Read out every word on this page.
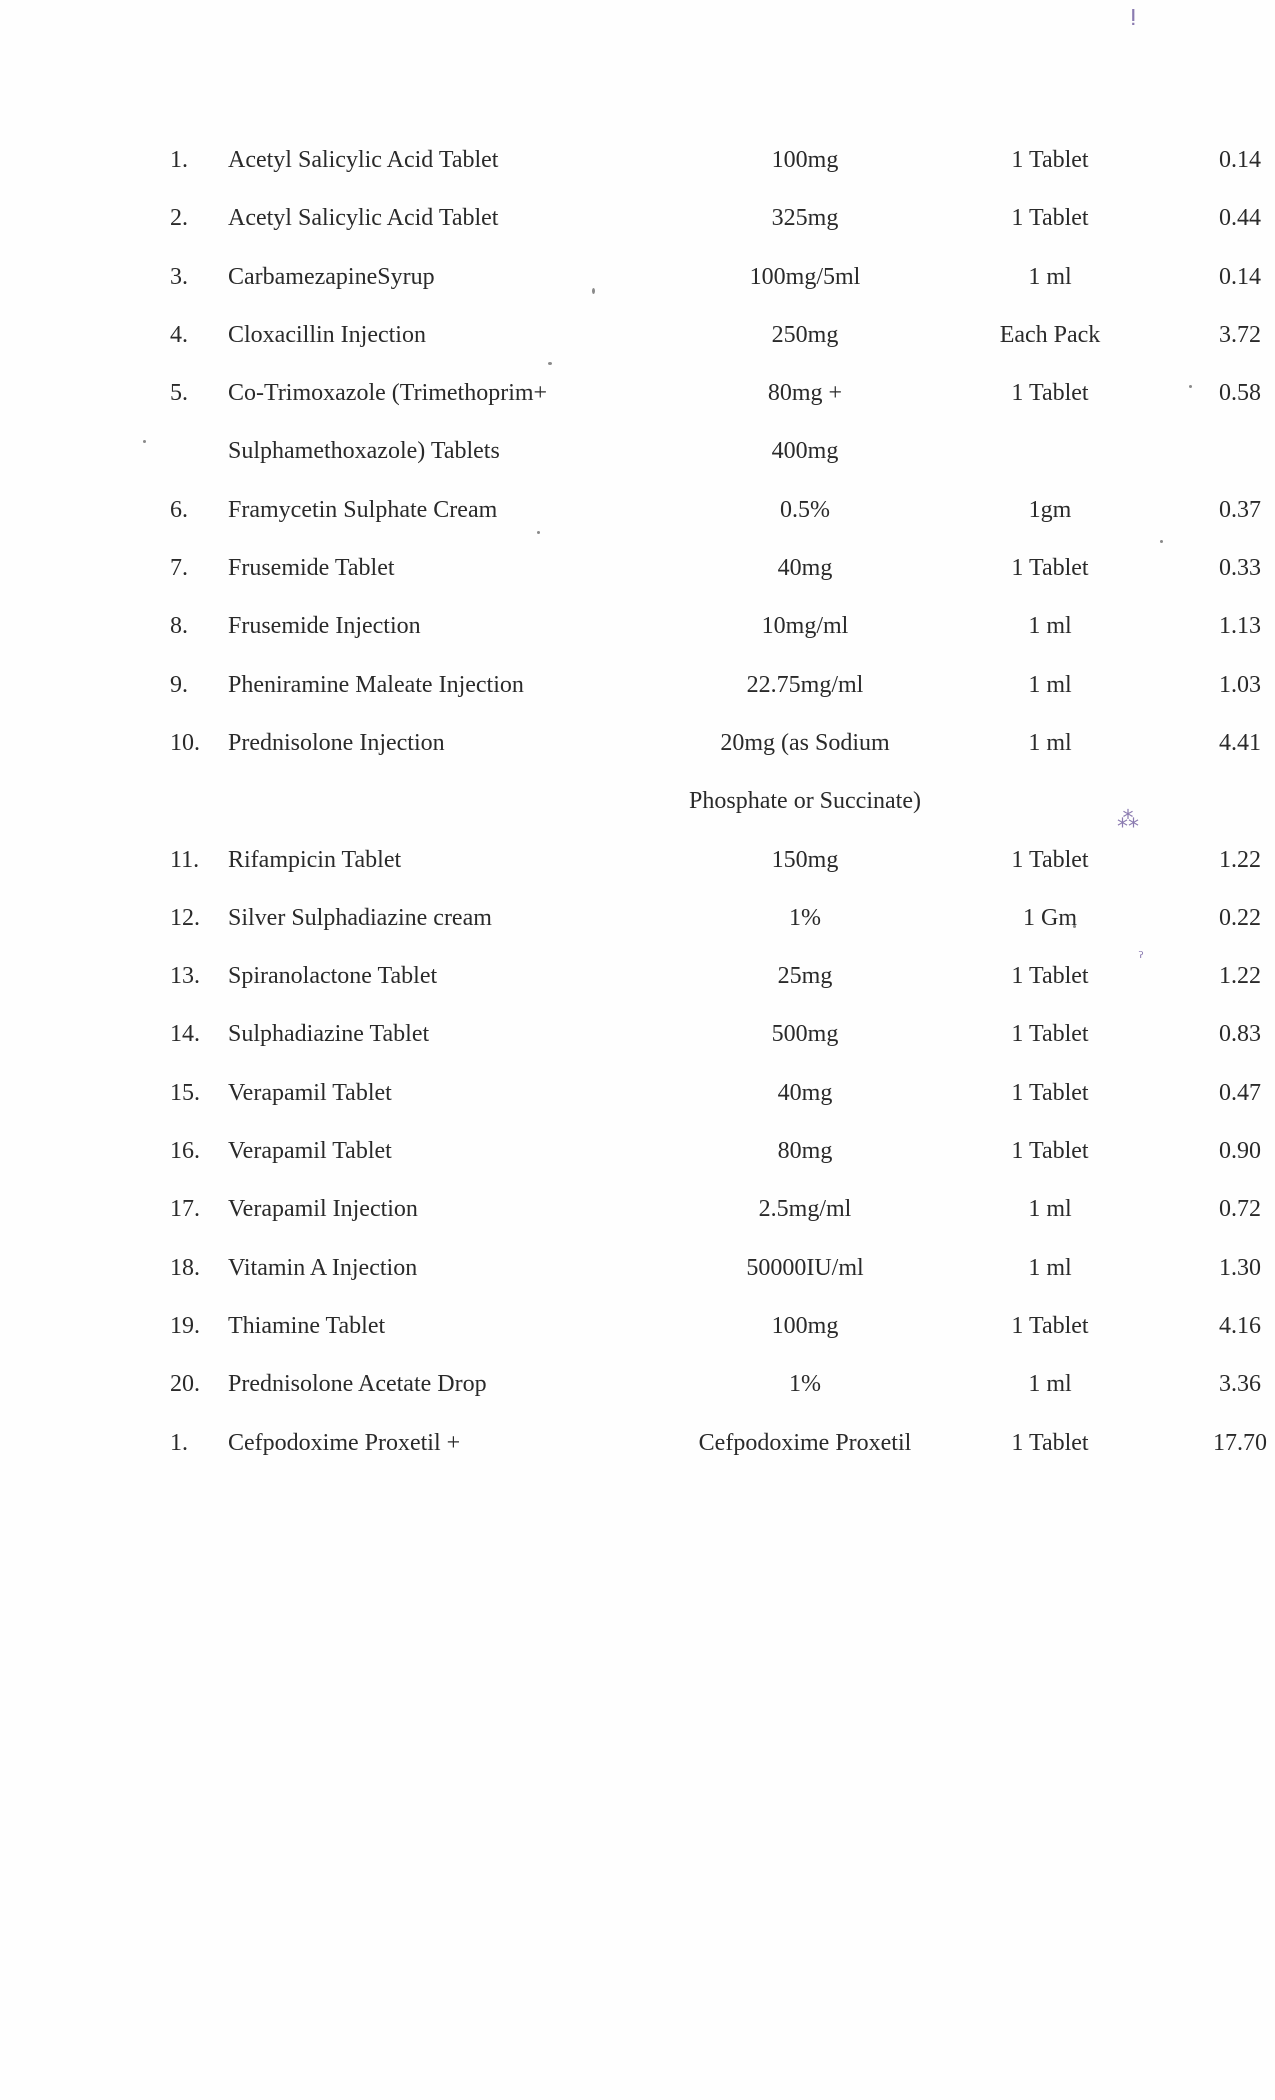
ⵑ
⁂
ˀ
1.	Acetyl Salicylic Acid Tablet	100mg	1 Tablet	0.14
2.	Acetyl Salicylic Acid Tablet	325mg	1 Tablet	0.44
3.	CarbamezapineSyrup	100mg/5ml	1 ml	0.14
4.	Cloxacillin Injection	250mg	Each Pack	3.72
5.	Co-Trimoxazole (Trimethoprim+	80mg +	1 Tablet	0.58
Sulphamethoxazole) Tablets	400mg
6.	Framycetin Sulphate Cream	0.5%	1gm	0.37
7.	Frusemide Tablet	40mg	1 Tablet	0.33
8.	Frusemide Injection	10mg/ml	1 ml	1.13
9.	Pheniramine Maleate Injection	22.75mg/ml	1 ml	1.03
10.	Prednisolone Injection	20mg (as Sodium	1 ml	4.41
Phosphate or Succinate)
11.	Rifampicin Tablet	150mg	1 Tablet	1.22
12.	Silver Sulphadiazine cream	1%	1 Gm	0.22
13.	Spiranolactone Tablet	25mg	1 Tablet	1.22
14.	Sulphadiazine Tablet	500mg	1 Tablet	0.83
15.	Verapamil Tablet	40mg	1 Tablet	0.47
16.	Verapamil Tablet	80mg	1 Tablet	0.90
17.	Verapamil Injection	2.5mg/ml	1 ml	0.72
18.	Vitamin A Injection	50000IU/ml	1 ml	1.30
19.	Thiamine Tablet	100mg	1 Tablet	4.16
20.	Prednisolone Acetate Drop	1%	1 ml	3.36
1.	Cefpodoxime Proxetil +	Cefpodoxime Proxetil	1 Tablet	17.70
